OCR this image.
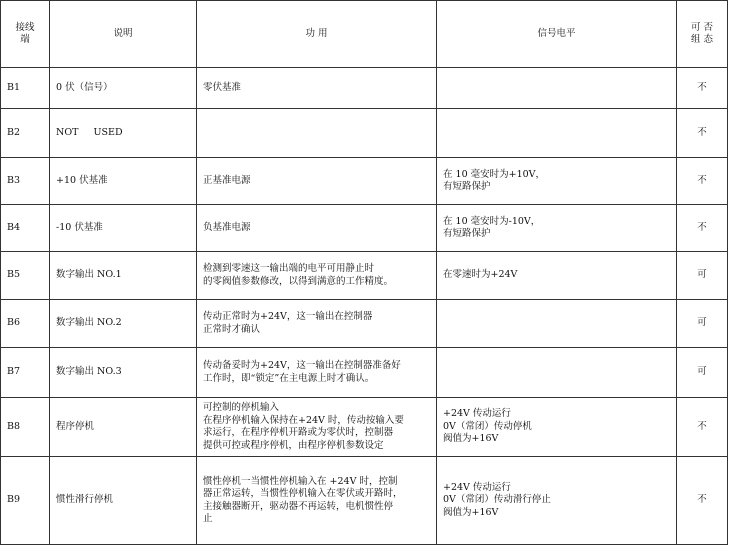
接线
端	说明	功 用	信号电平	可 否
组 态
B1	0 伏（信号）	零伏基准		不
B2	NOT     USED			不
B3	+10 伏基准	正基准电源	在 10 毫安时为+10V，
有短路保护	不
B4	-10 伏基准	负基准电源	在 10 毫安时为-10V，
有短路保护	不
B5	数字输出 NO.1	检测到零速这一输出端的电平可用静止时
的零阀值参数修改，以得到满意的工作精度。	在零速时为+24V	可
B6	数字输出 NO.2	传动正常时为+24V，这一输出在控制器
正常时才确认		可
B7	数字输出 NO.3	传动备妥时为+24V，这一输出在控制器准备好
工作时，即“锁定”在主电源上时才确认。		可
B8	程序停机	可控制的停机输入
在程序停机输入保持在+24V 时，传动按输入要
求运行，在程序停机开路或为零伏时，控制器
提供可控或程序停机，由程序停机参数设定	+24V 传动运行
0V（常闭）传动停机
阀值为+16V	不
B9	惯性滑行停机	惯性停机一当惯性停机输入在 +24V 时，控制
器正常运转，当惯性停机输入在零伏或开路时，
主接触器断开，驱动器不再运转，电机惯性停
止	+24V 传动运行
0V（常闭）传动滑行停止
阀值为+16V	不
